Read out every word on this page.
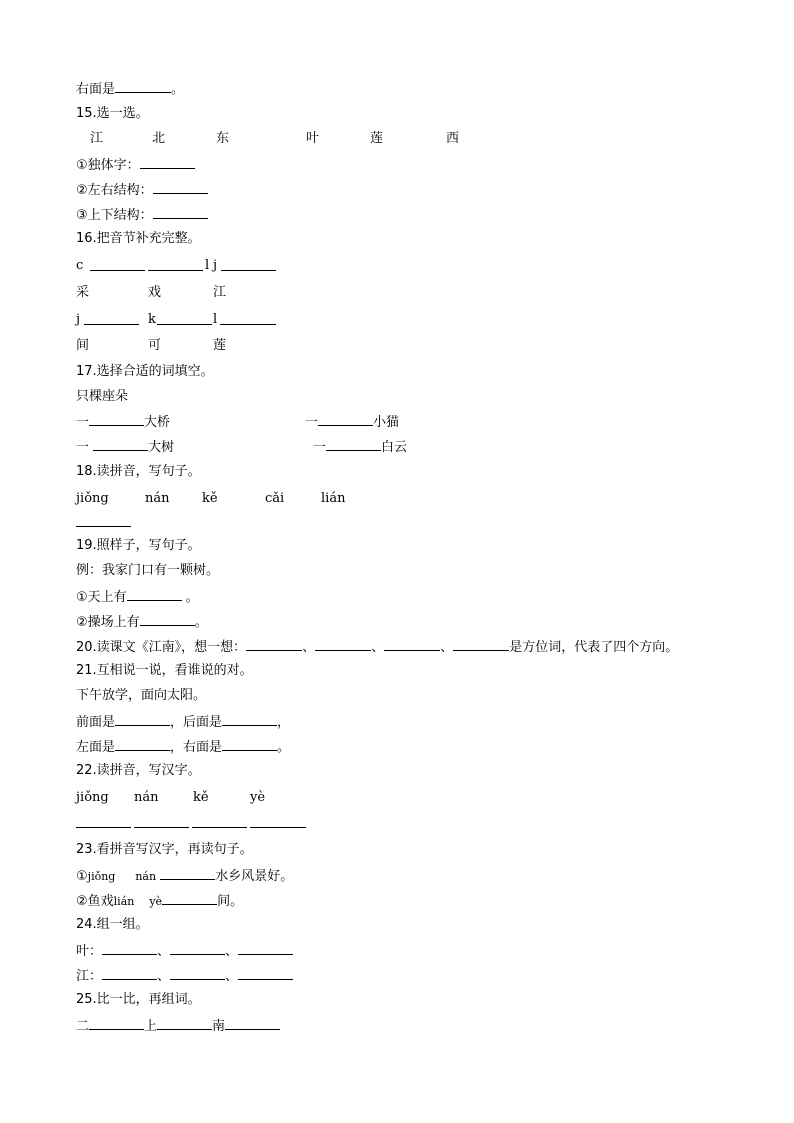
右面是	。
15.选一选。
江	北	东	叶	莲	西
①独体字：
②左右结构：
③上下结构：
16.把音节补充完整。
c	l j
采	戏	江
j	k	l
间	可	莲
17.选择合适的词填空。
只棵座朵
一	大桥	一	小猫
一	大树	一	白云
18.读拼音，写句子。
jiǒng	nán	kě	cǎi	lián
19.照样子，写句子。
例：我家门口有一颗树。
①天上有	。
②操场上有	。
20.读课文《江南》，想一想：	、	、	、	是方位词，代表了四个方向。
21.互相说一说，看谁说的对。
下午放学，面向太阳。
前面是	，后面是	，
左面是	，右面是	。
22.读拼音，写汉字。
jiǒng nán	kě	yè
23.看拼音写汉字，再读句子。
①jiǒng nán	水乡风景好。
②鱼戏lián yè	间。
24.组一组。
叶：	、	、
江：	、	、
25.比一比，再组词。
二	上	南
